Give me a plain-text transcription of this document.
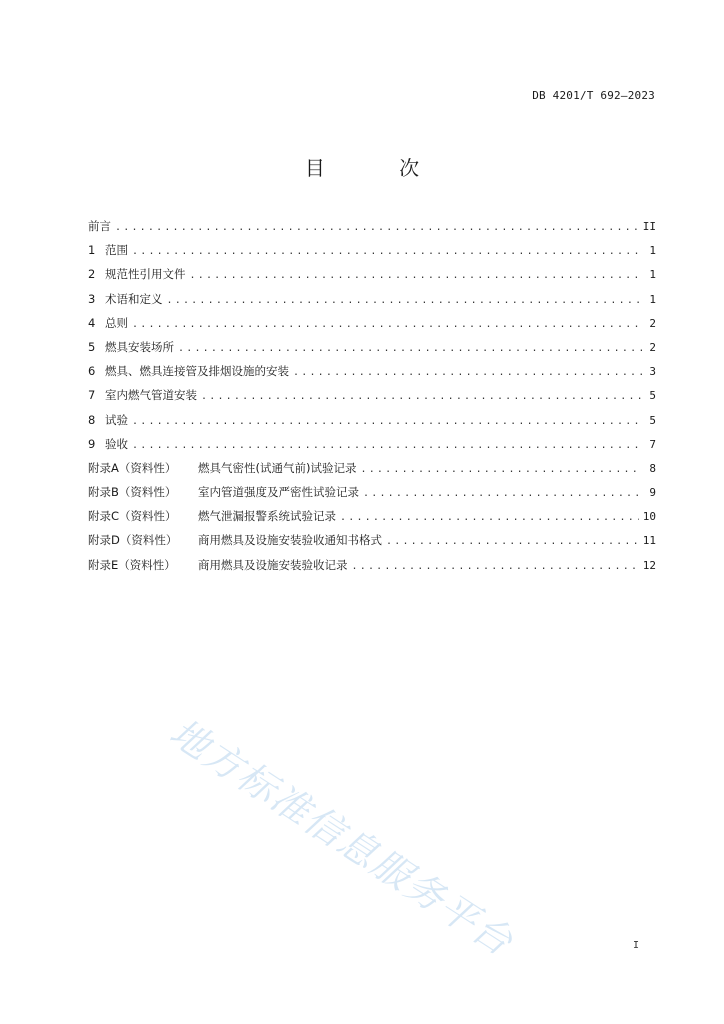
DB 4201/T 692—2023
目 次
前言 .....	II
1 范围 .....	1
2 规范性引用文件 .....	1
3 术语和定义 .....	1
4 总则 .....	2
5 燃具安装场所 .....	2
6 燃具、燃具连接管及排烟设施的安装 .....	3
7 室内燃气管道安装 .....	5
8 试验 .....	5
9 验收 .....	7
附录A（资料性）	燃具气密性(试通气前)试验记录 .....	8
附录B（资料性）	室内管道强度及严密性试验记录 .....	9
附录C（资料性）	燃气泄漏报警系统试验记录 .....	10
附录D（资料性）	商用燃具及设施安装验收通知书格式 .....	11
附录E（资料性）	商用燃具及设施安装验收记录 .....	12
地方标准信息服务平台	I
